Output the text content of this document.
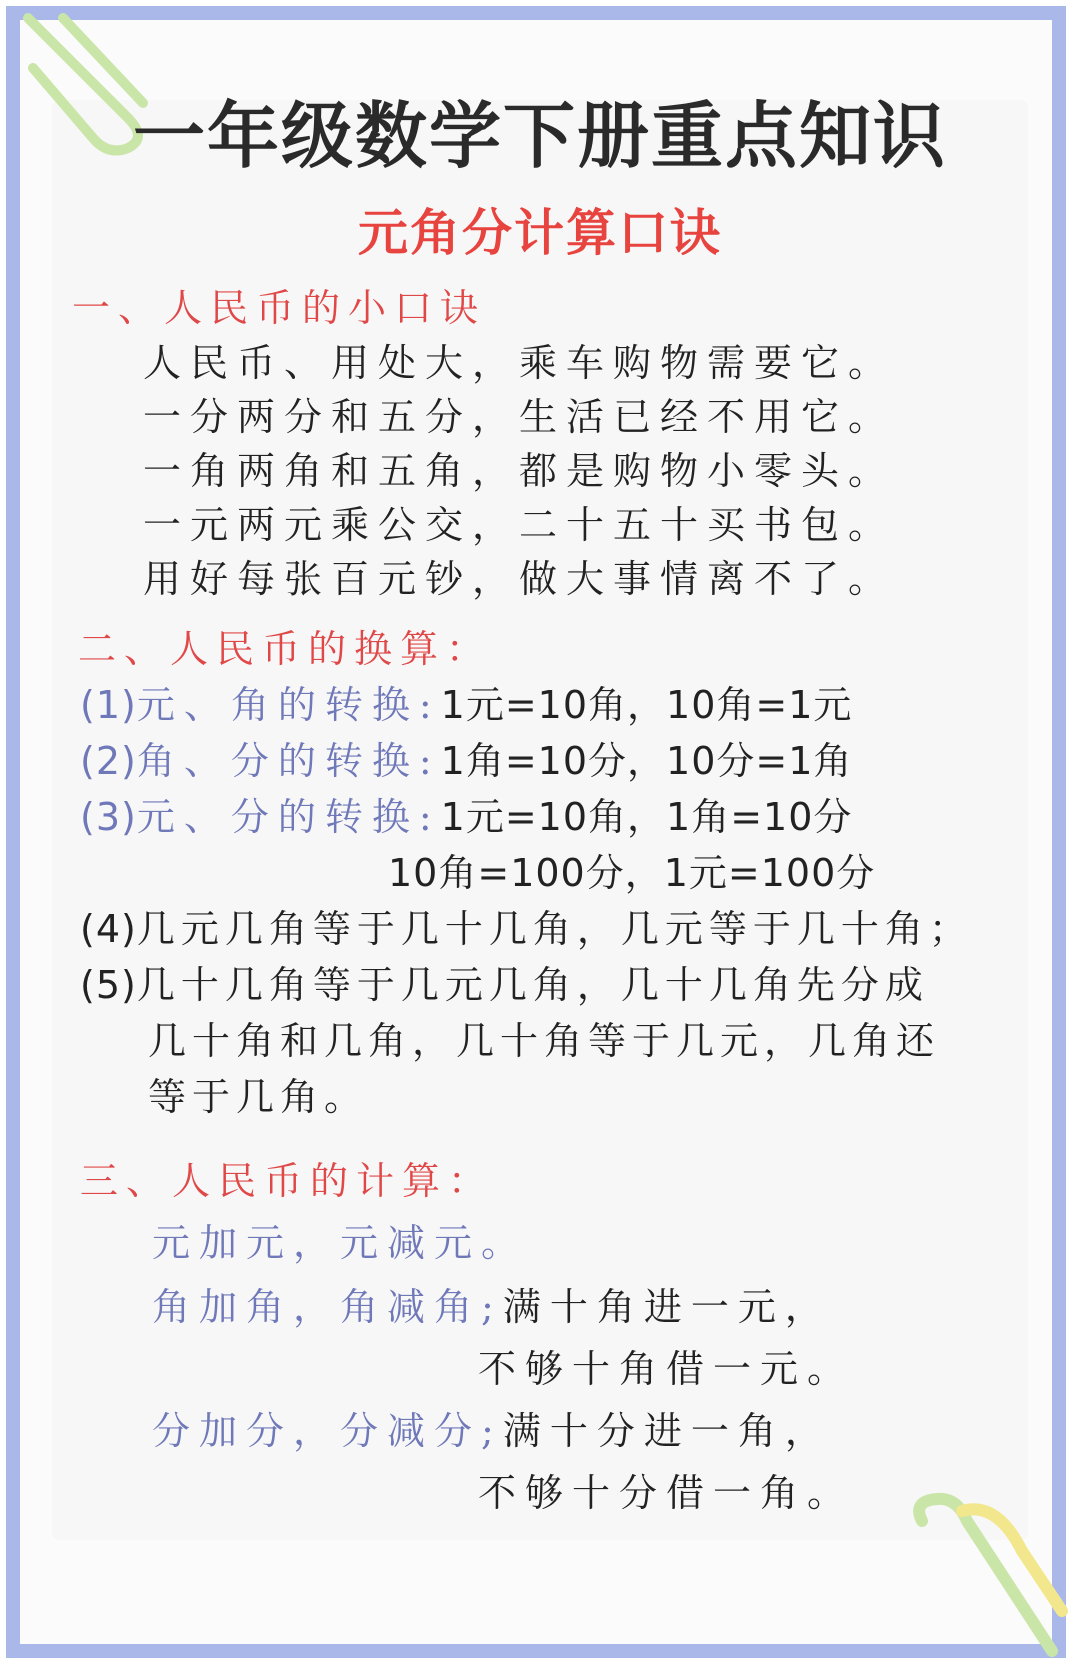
一年级数学下册重点知识
元角分计算口诀
一、人民币的小口诀
人民币、用处大，乘车购物需要它。
一分两分和五分，生活已经不用它。
一角两角和五角，都是购物小零头。
一元两元乘公交，二十五十买书包。
用好每张百元钞，做大事情离不了。
二、人民币的换算：
(1)元、角的转换:1元=10角，10角=1元
(2)角、分的转换:1角=10分，10分=1角
(3)元、分的转换:1元=10角，1角=10分
10角=100分，1元=100分
(4)几元几角等于几十几角，几元等于几十角；
(5)几十几角等于几元几角，几十几角先分成
几十角和几角，几十角等于几元，几角还
等于几角。
三、人民币的计算：
元加元，元减元。
角加角，角减角;满十角进一元，
不够十角借一元。
分加分，分减分;满十分进一角，
不够十分借一角。
